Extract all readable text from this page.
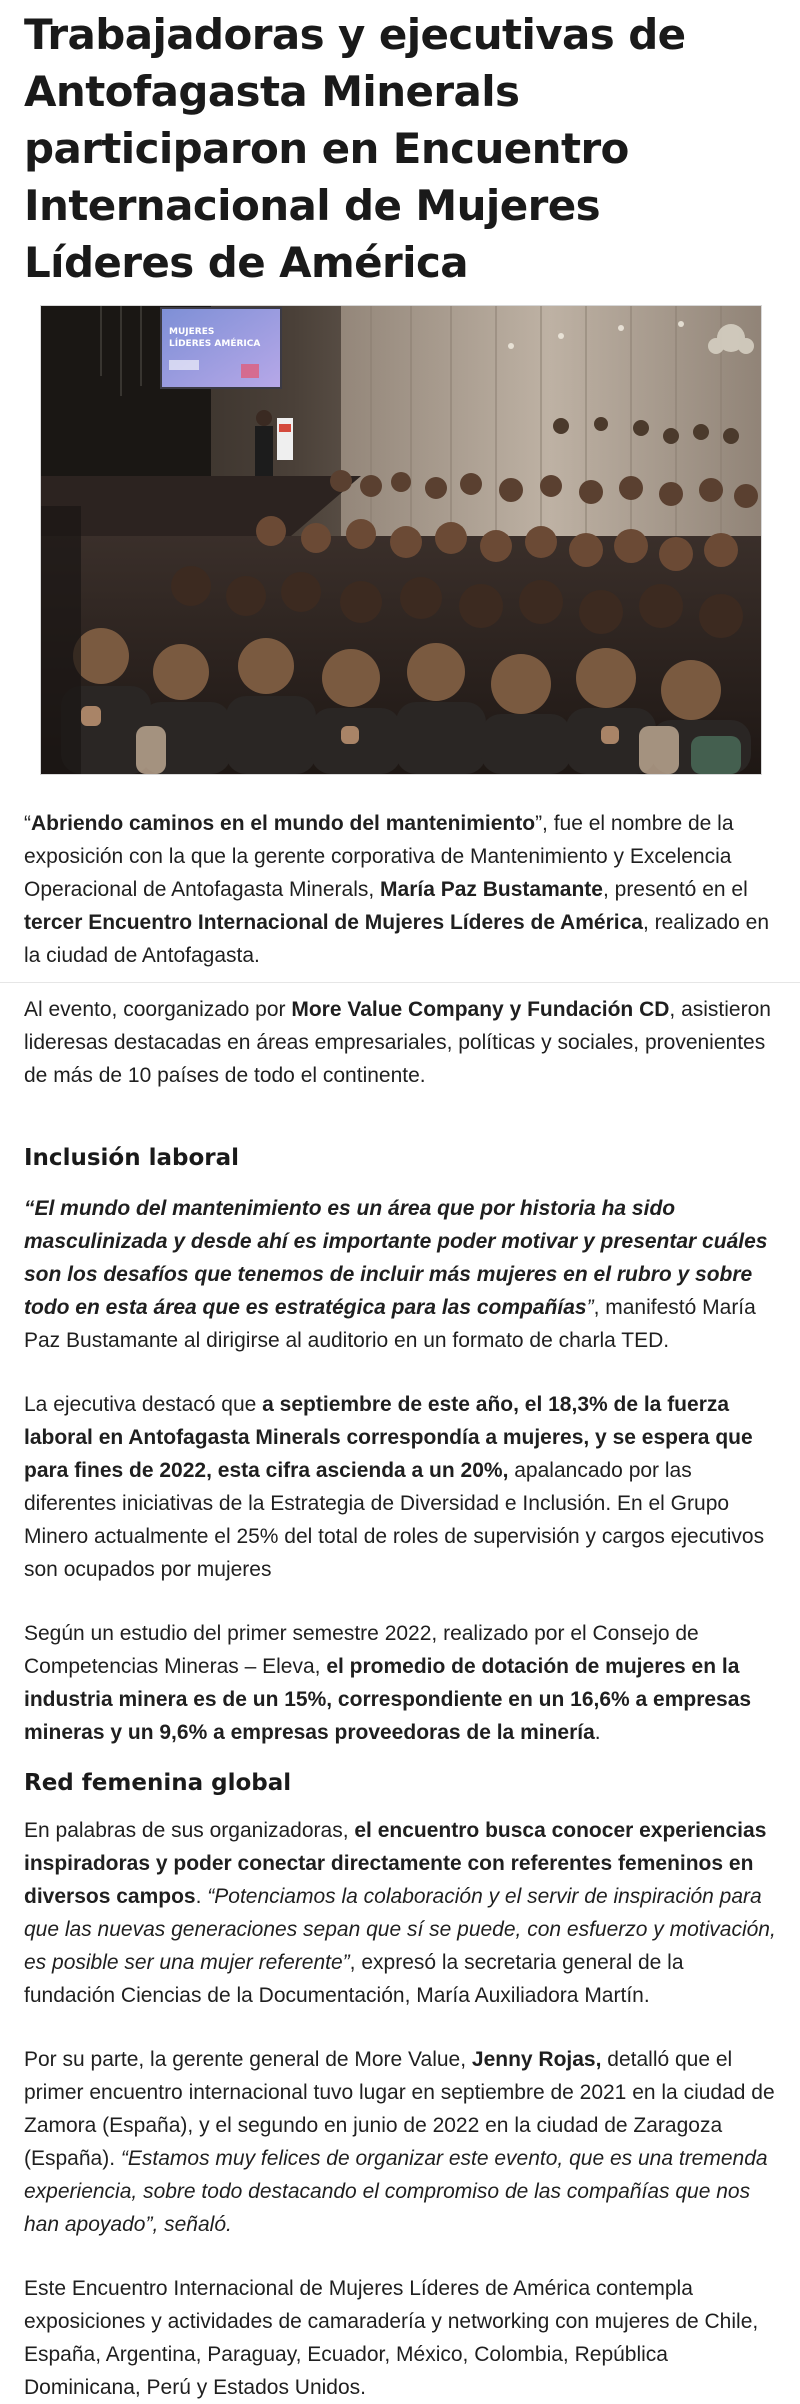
Trabajadoras y ejecutivas de Antofagasta Minerals participaron en Encuentro Internacional de Mujeres Líderes de América
MUJERES
LÍDERES AMÉRICA
“Abriendo caminos en el mundo del mantenimiento”, fue el nombre de la exposición con la que la gerente corporativa de Mantenimiento y Excelencia Operacional de Antofagasta Minerals, María Paz Bustamante, presentó en el tercer Encuentro Internacional de Mujeres Líderes de América, realizado en la ciudad de Antofagasta.

Al evento, coorganizado por More Value Company y Fundación CD, asistieron lideresas destacadas en áreas empresariales, políticas y sociales, provenientes de más de 10 países de todo el continente.

Inclusión laboral

“El mundo del mantenimiento es un área que por historia ha sido masculinizada y desde ahí es importante poder motivar y presentar cuáles son los desafíos que tenemos de incluir más mujeres en el rubro y sobre todo en esta área que es estratégica para las compañías”, manifestó María Paz Bustamante al dirigirse al auditorio en un formato de charla TED.

La ejecutiva destacó que a septiembre de este año, el 18,3% de la fuerza laboral en Antofagasta Minerals correspondía a mujeres, y se espera que para fines de 2022, esta cifra ascienda a un 20%, apalancado por las diferentes iniciativas de la Estrategia de Diversidad e Inclusión. En el Grupo Minero actualmente el 25% del total de roles de supervisión y cargos ejecutivos son ocupados por mujeres

Según un estudio del primer semestre 2022, realizado por el Consejo de Competencias Mineras – Eleva, el promedio de dotación de mujeres en la industria minera es de un 15%, correspondiente en un 16,6% a empresas mineras y un 9,6% a empresas proveedoras de la minería.

Red femenina global

En palabras de sus organizadoras, el encuentro busca conocer experiencias inspiradoras y poder conectar directamente con referentes femeninos en diversos campos. “Potenciamos la colaboración y el servir de inspiración para que las nuevas generaciones sepan que sí se puede, con esfuerzo y motivación, es posible ser una mujer referente”, expresó la secretaria general de la fundación Ciencias de la Documentación, María Auxiliadora Martín.

Por su parte, la gerente general de More Value, Jenny Rojas, detalló que el primer encuentro internacional tuvo lugar en septiembre de 2021 en la ciudad de Zamora (España), y el segundo en junio de 2022 en la ciudad de Zaragoza (España). “Estamos muy felices de organizar este evento, que es una tremenda experiencia, sobre todo destacando el compromiso de las compañías que nos han apoyado”, señaló.

Este Encuentro Internacional de Mujeres Líderes de América contempla exposiciones y actividades de camaradería y networking con mujeres de Chile, España, Argentina, Paraguay, Ecuador, México, Colombia, República Dominicana, Perú y Estados Unidos.
